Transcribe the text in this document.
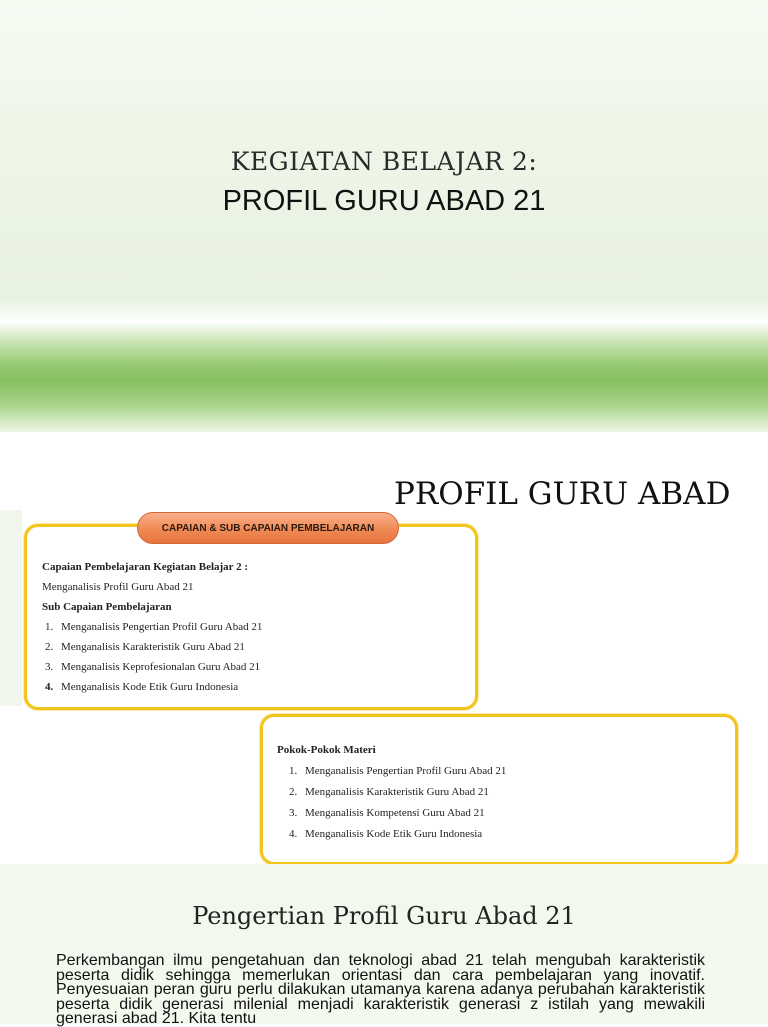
KEGIATAN BELAJAR 2:
PROFIL GURU ABAD 21
PROFIL GURU ABAD
CAPAIAN & SUB CAPAIAN PEMBELAJARAN
Capaian Pembelajaran Kegiatan Belajar 2 :
Menganalisis Profil Guru Abad 21
Sub Capaian Pembelajaran
1. Menganalisis Pengertian Profil Guru Abad 21
2. Menganalisis Karakteristik Guru Abad 21
3. Menganalisis Keprofesionalan Guru Abad 21
4. Menganalisis Kode Etik Guru Indonesia
Pokok-Pokok Materi
1. Menganalisis Pengertian Profil Guru Abad 21
2. Menganalisis Karakteristik Guru Abad 21
3. Menganalisis Kompetensi Guru Abad 21
4. Menganalisis Kode Etik Guru Indonesia
Pengertian Profil Guru Abad 21
Perkembangan ilmu pengetahuan dan teknologi abad 21 telah mengubah karakteristik peserta didik sehingga memerlukan orientasi dan cara pembelajaran yang inovatif. Penyesuaian peran guru perlu dilakukan utamanya karena adanya perubahan karakteristik peserta didik generasi milenial menjadi karakteristik generasi z istilah yang mewakili generasi abad 21. Kita tentu
